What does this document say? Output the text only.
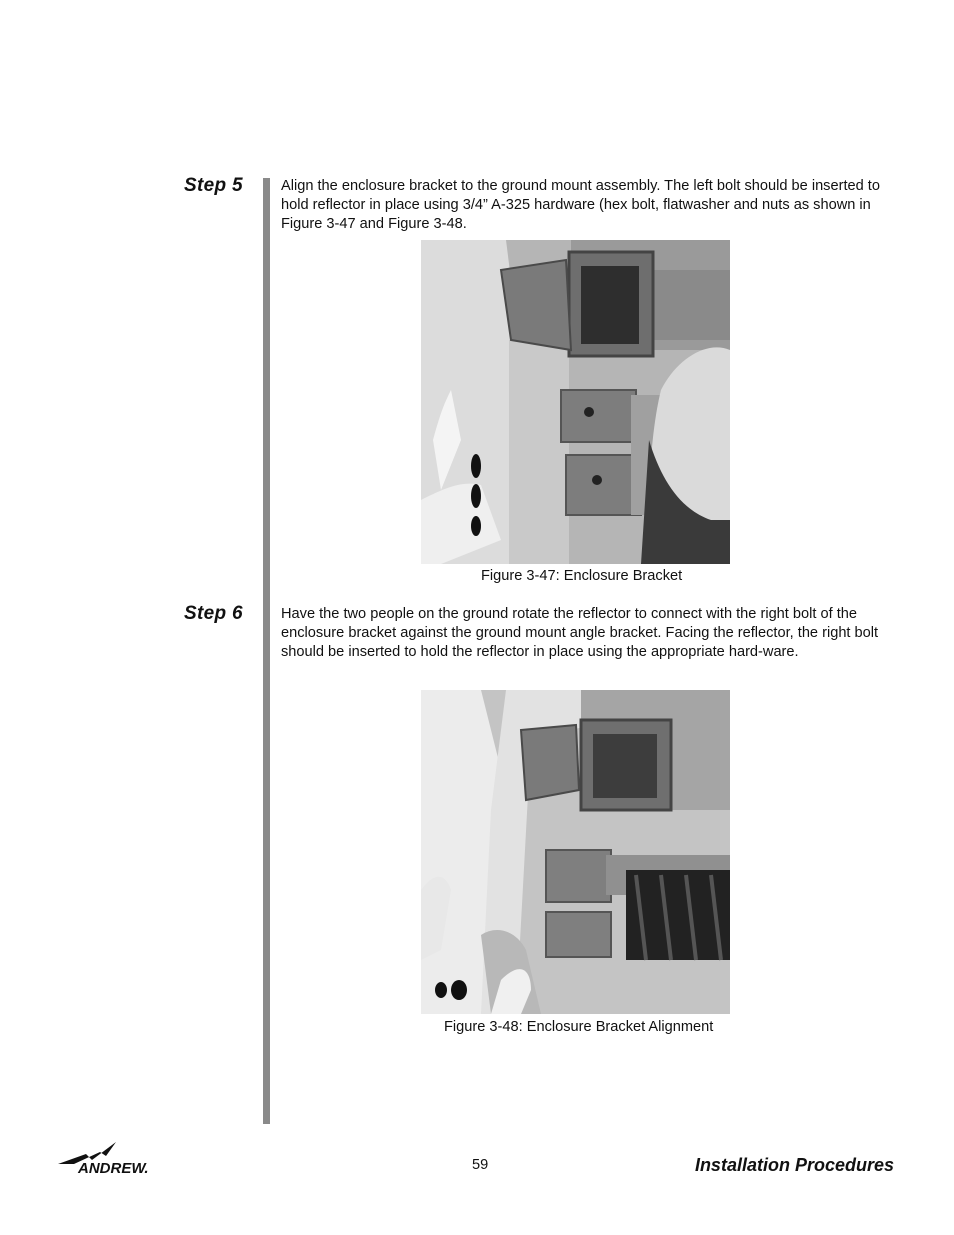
Step 5	Align the enclosure bracket to the ground mount assembly. The left bolt should be inserted to hold reflector in place using 3/4” A-325 hardware (hex bolt, flatwasher and nuts as shown in Figure 3-47 and Figure 3-48.
Figure 3-47: Enclosure Bracket
Step 6	Have the two people on the ground rotate the reflector to connect with the right bolt of the enclosure bracket against the ground mount angle bracket. Facing the reflector, the right bolt should be inserted to hold the reflector in place using the appropriate hard-ware.
Figure 3-48: Enclosure Bracket Alignment
ANDREW.	59	Installation Procedures
